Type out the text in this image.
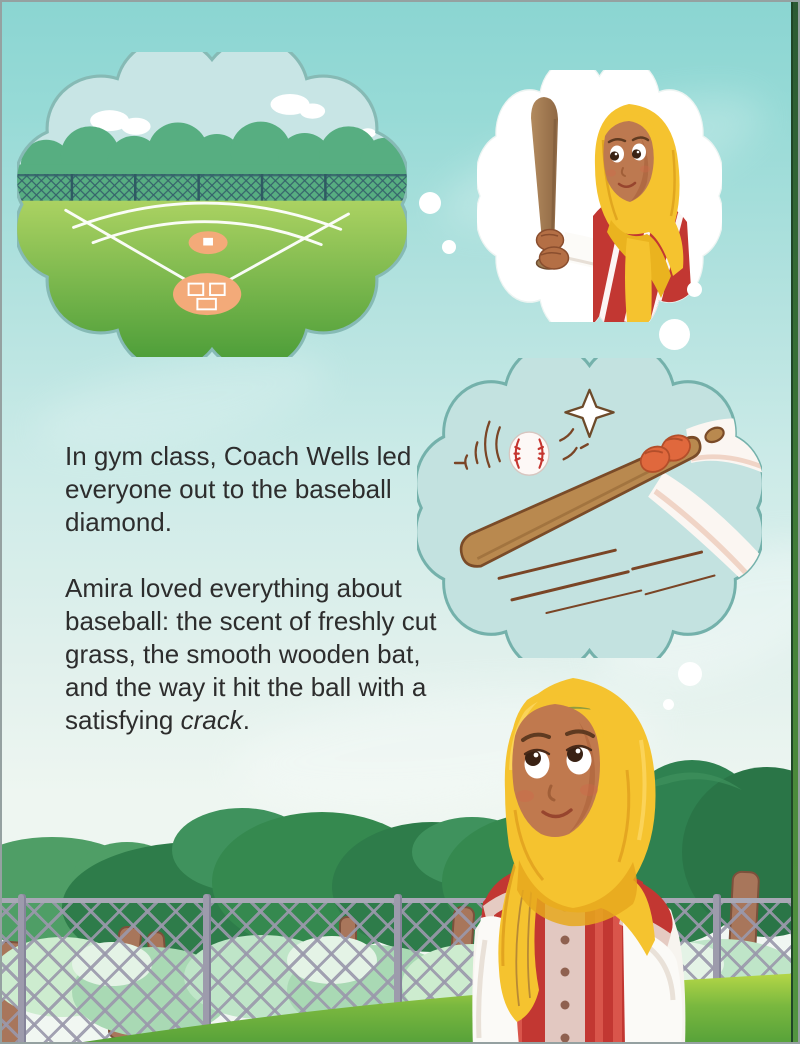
In gym class, Coach Wells led everyone out to the baseball diamond.

Amira loved everything about baseball: the scent of freshly cut grass, the smooth wooden bat, and the way it hit the ball with a satisfying crack.
